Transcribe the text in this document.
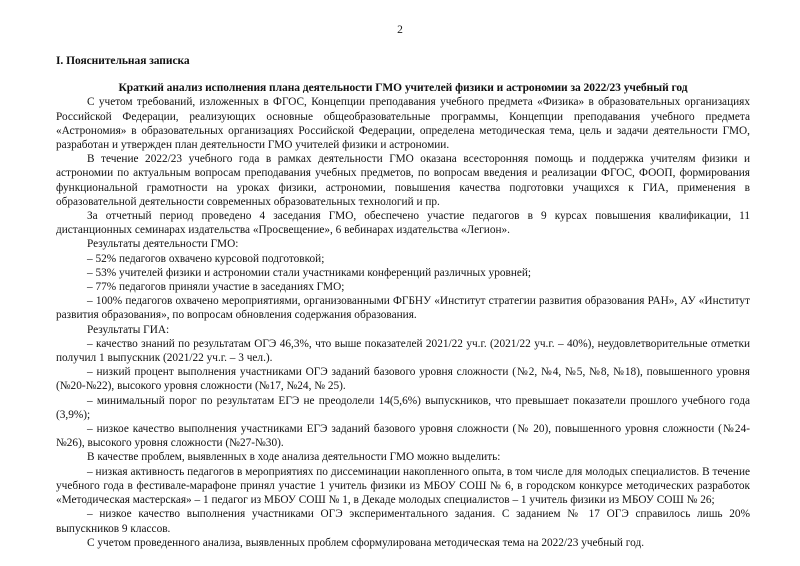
2
I. Пояснительная записка
Краткий анализ исполнения плана деятельности ГМО учителей физики и астрономии за 2022/23 учебный год

С учетом требований, изложенных в ФГОС, Концепции преподавания учебного предмета «Физика» в образовательных организациях Российской Федерации, реализующих основные общеобразовательные программы, Концепции преподавания учебного предмета «Астрономия» в образовательных организациях Российской Федерации, определена методическая тема, цель и задачи деятельности ГМО, разработан и утвержден план деятельности ГМО учителей физики и астрономии.

В течение 2022/23 учебного года в рамках деятельности ГМО оказана всесторонняя помощь и поддержка учителям физики и астрономии по актуальным вопросам преподавания учебных предметов, по вопросам введения и реализации ФГОС, ФООП, формирования функциональной грамотности на уроках физики, астрономии, повышения качества подготовки учащихся к ГИА, применения в образовательной деятельности современных образовательных технологий и пр.

За отчетный период проведено 4 заседания ГМО, обеспечено участие педагогов в 9 курсах повышения квалификации, 11 дистанционных семинарах издательства «Просвещение», 6 вебинарах издательства «Легион».

Результаты деятельности ГМО:

– 52% педагогов охвачено курсовой подготовкой;

– 53% учителей физики и астрономии стали участниками конференций различных уровней;

– 77% педагогов приняли участие в заседаниях ГМО;

– 100% педагогов охвачено мероприятиями, организованными ФГБНУ «Институт стратегии развития образования РАН», АУ «Институт развития образования», по вопросам обновления содержания образования.

Результаты ГИА:

– качество знаний по результатам ОГЭ 46,3%, что выше показателей 2021/22 уч.г. (2021/22 уч.г. – 40%), неудовлетворительные отметки получил 1 выпускник (2021/22 уч.г. – 3 чел.).

– низкий процент выполнения участниками ОГЭ заданий базового уровня сложности (№2, №4, №5, №8, №18), повышенного уровня (№20-№22), высокого уровня сложности (№17, №24, № 25).

– минимальный порог по результатам ЕГЭ не преодолели 14(5,6%) выпускников, что превышает показатели прошлого учебного года (3,9%);

– низкое качество выполнения участниками ЕГЭ заданий базового уровня сложности (№ 20), повышенного уровня сложности (№24-№26), высокого уровня сложности (№27-№30).

В качестве проблем, выявленных в ходе анализа деятельности ГМО можно выделить:

– низкая активность педагогов в мероприятиях по диссеминации накопленного опыта, в том числе для молодых специалистов. В течение учебного года в фестивале-марафоне принял участие 1 учитель физики из МБОУ СОШ № 6, в городском конкурсе методических разработок «Методическая мастерская» – 1 педагог из МБОУ СОШ № 1, в Декаде молодых специалистов – 1 учитель физики из МБОУ СОШ № 26;

– низкое качество выполнения участниками ОГЭ экспериментального задания. С заданием № 17 ОГЭ справилось лишь 20% выпускников 9 классов.

С учетом проведенного анализа, выявленных проблем сформулирована методическая тема на 2022/23 учебный год.
